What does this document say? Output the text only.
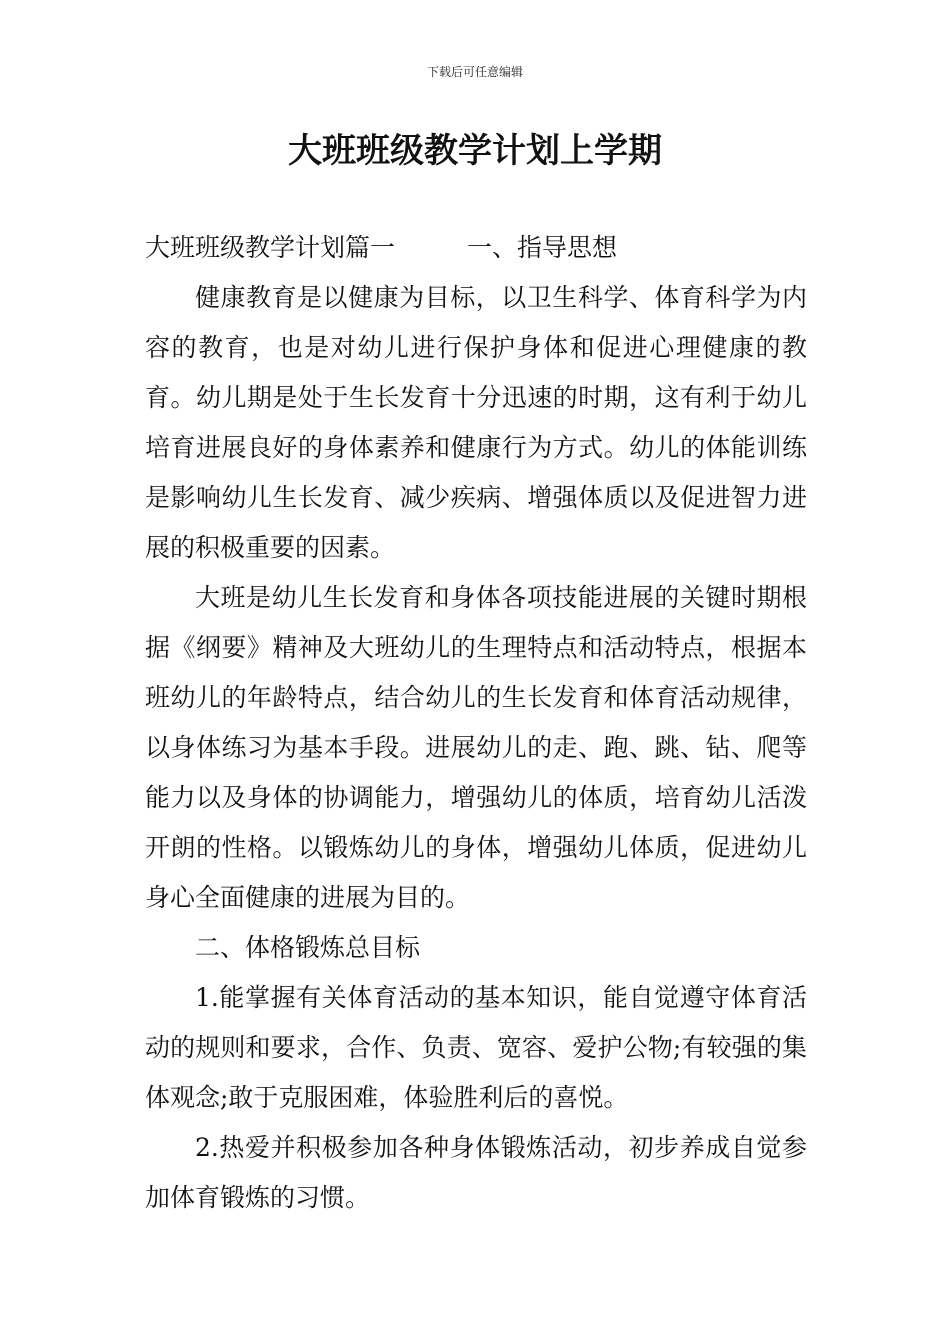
下载后可任意编辑
大班班级教学计划上学期

大班班级教学计划篇一	一、指导思想

健康教育是以健康为目标，以卫生科学、体育科学为内容的教育，也是对幼儿进行保护身体和促进心理健康的教育。幼儿期是处于生长发育十分迅速的时期，这有利于幼儿培育进展良好的身体素养和健康行为方式。幼儿的体能训练是影响幼儿生长发育、减少疾病、增强体质以及促进智力进展的积极重要的因素。

大班是幼儿生长发育和身体各项技能进展的关键时期根据《纲要》精神及大班幼儿的生理特点和活动特点，根据本班幼儿的年龄特点，结合幼儿的生长发育和体育活动规律，以身体练习为基本手段。进展幼儿的走、跑、跳、钻、爬等能力以及身体的协调能力，增强幼儿的体质，培育幼儿活泼开朗的性格。以锻炼幼儿的身体，增强幼儿体质，促进幼儿身心全面健康的进展为目的。

二、体格锻炼总目标

1.能掌握有关体育活动的基本知识，能自觉遵守体育活动的规则和要求，合作、负责、宽容、爱护公物;有较强的集体观念;敢于克服困难，体验胜利后的喜悦。

2.热爱并积极参加各种身体锻炼活动，初步养成自觉参加体育锻炼的习惯。
